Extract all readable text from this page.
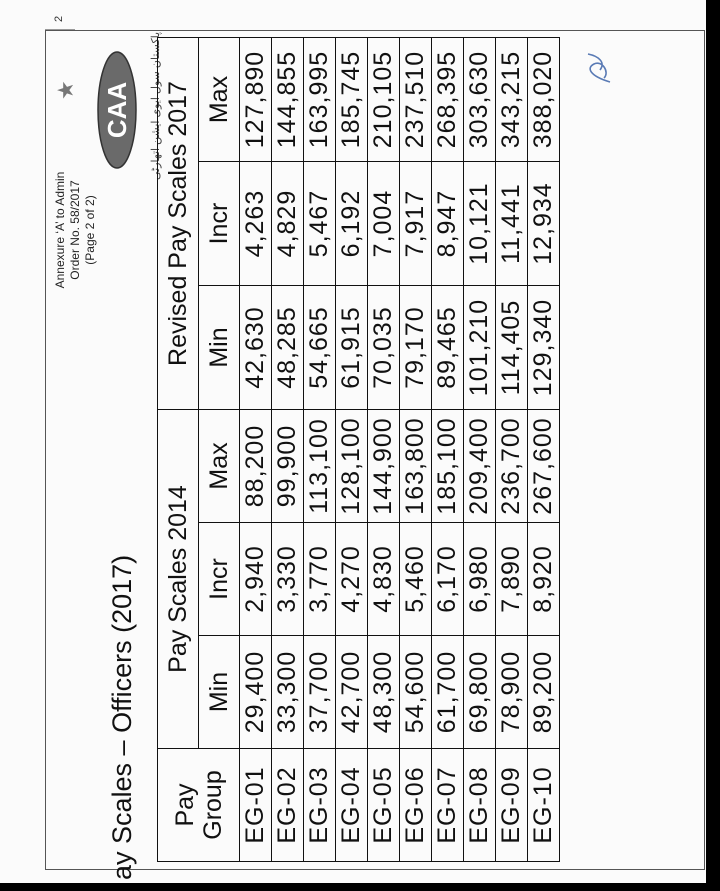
ay Scales – Officers (2017)
Annexure ‘A’ to Admin Order No. 58/2017 (Page 2 of 2)
★ CAA پاکستان سول ایوی ایشن اتھارٹی
2
Pay
Group	Pay Scales 2014			Revised Pay Scales 2017		
	Min	Incr	Max	Min	Incr	Max
EG-01	29,400	2,940	88,200	42,630	4,263	127,890
EG-02	33,300	3,330	99,900	48,285	4,829	144,855
EG-03	37,700	3,770	113,100	54,665	5,467	163,995
EG-04	42,700	4,270	128,100	61,915	6,192	185,745
EG-05	48,300	4,830	144,900	70,035	7,004	210,105
EG-06	54,600	5,460	163,800	79,170	7,917	237,510
EG-07	61,700	6,170	185,100	89,465	8,947	268,395
EG-08	69,800	6,980	209,400	101,210	10,121	303,630
EG-09	78,900	7,890	236,700	114,405	11,441	343,215
EG-10	89,200	8,920	267,600	129,340	12,934	388,020
